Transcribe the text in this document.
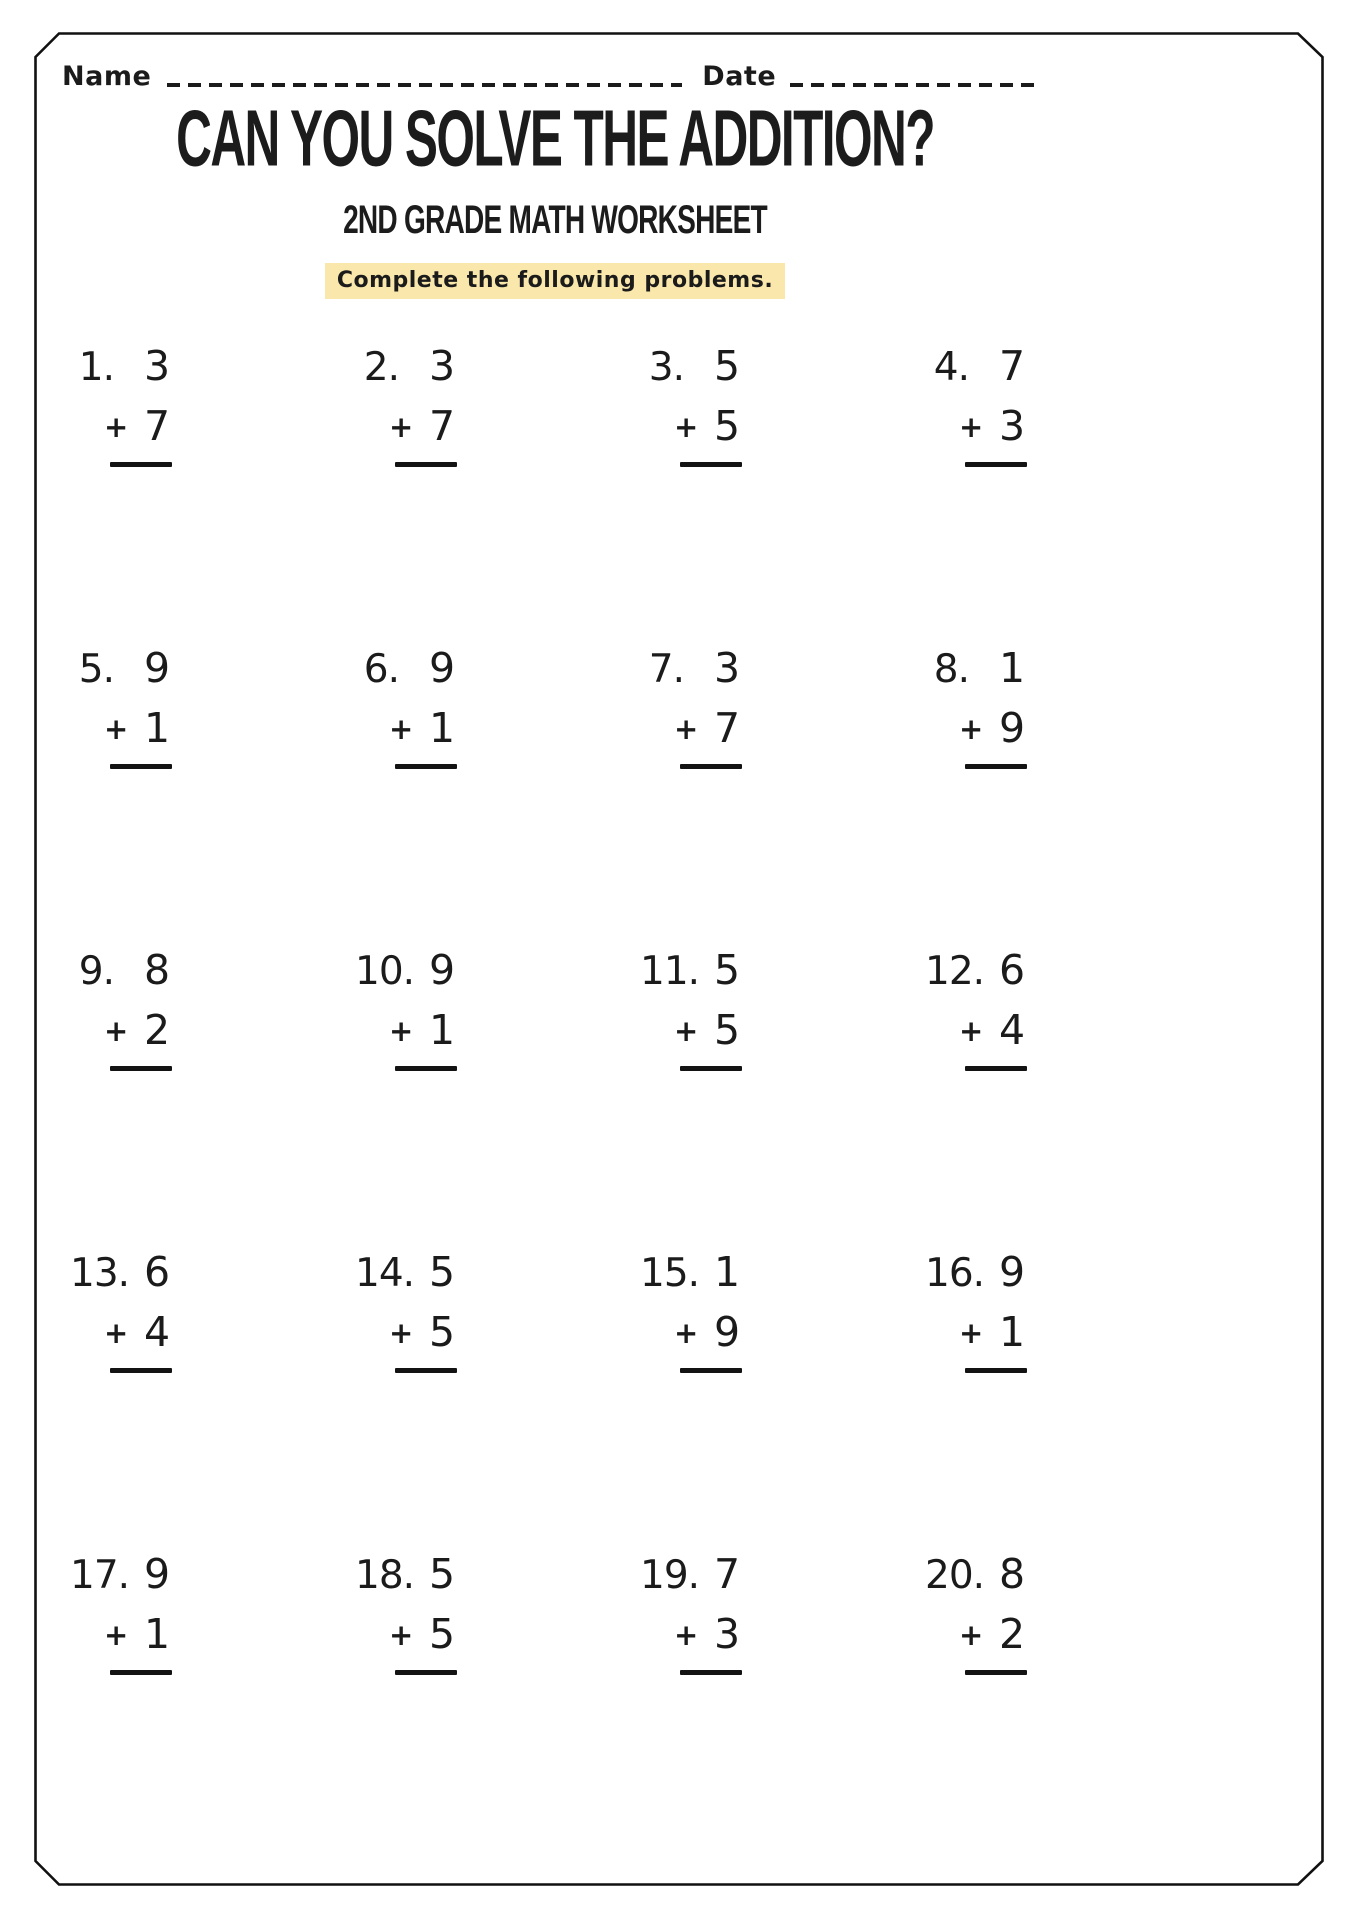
Name	Date
CAN YOU SOLVE THE ADDITION?
2ND GRADE MATH WORKSHEET
Complete the following problems.
1. 3
+ 7
2. 3
+ 7
3. 5
+ 5
4. 7
+ 3
5. 9
+ 1
6. 9
+ 1
7. 3
+ 7
8. 1
+ 9
9. 8
+ 2
10. 9
+ 1
11. 5
+ 5
12. 6
+ 4
13. 6
+ 4
14. 5
+ 5
15. 1
+ 9
16. 9
+ 1
17. 9
+ 1
18. 5
+ 5
19. 7
+ 3
20. 8
+ 2
